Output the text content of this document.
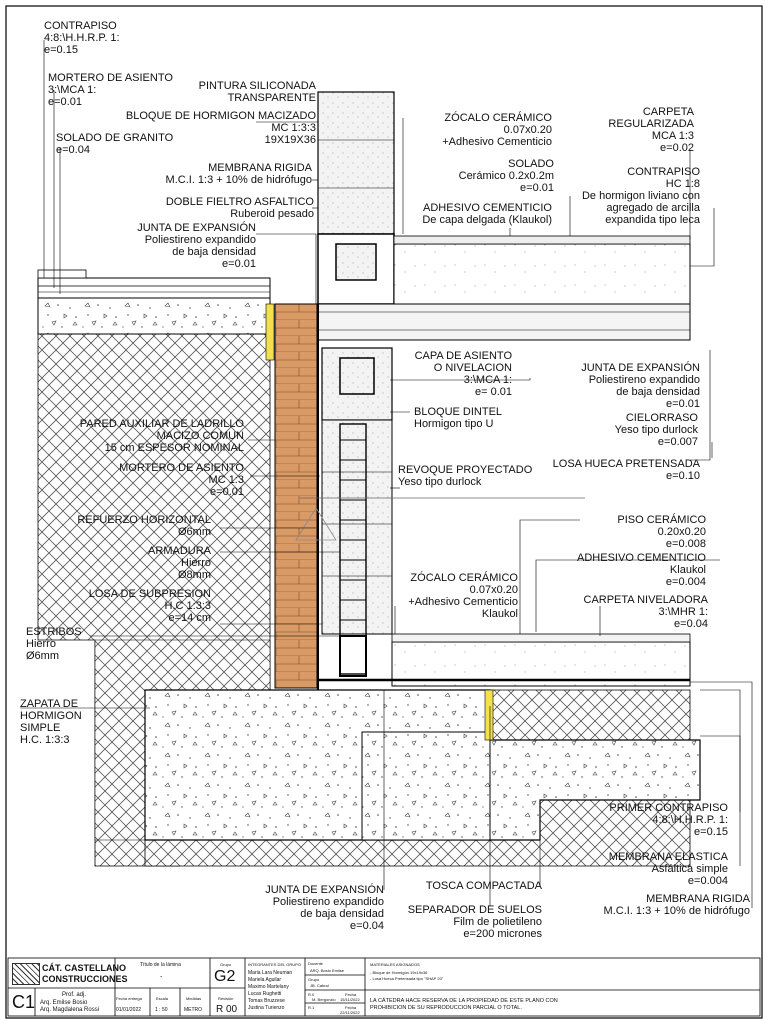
CONTRAPISO
4:8:\H.H.R.P. 1:
e=0.15
MORTERO DE ASIENTO
3:\MCA 1:
e=0.01
SOLADO DE GRANITO
e=0.04
PINTURA SILICONADA
TRANSPARENTE
BLOQUE DE HORMIGON MACIZADO
MC 1:3:3
19X19X36
MEMBRANA RIGIDA
M.C.I. 1:3 + 10% de hidrófugo
DOBLE FIELTRO ASFALTICO
Ruberoid pesado
JUNTA DE EXPANSIÓN
Poliestireno expandido
de baja densidad
e=0.01
ZÓCALO CERÁMICO
0.07x0.20
+Adhesivo Cementicio
CARPETA
REGULARIZADA
MCA 1:3
e=0.02
SOLADO
Cerámico 0.2x0.2m
e=0.01
CONTRAPISO
HC 1:8
De hormigon liviano con
agregado de arcilla
expandida tipo leca
ADHESIVO CEMENTICIO
De capa delgada (Klaukol)
CAPA DE ASIENTO
O NIVELACION
3:\MCA 1:
e= 0.01
JUNTA DE EXPANSIÓN
Poliestireno expandido
de baja densidad
e=0.01
CIELORRASO
Yeso tipo durlock
e=0.007
BLOQUE DINTEL
Hormigon tipo U
LOSA HUECA PRETENSADA
e=0.10
PARED AUXILIAR DE LADRILLO
MACIZO COMUN
15 cm ESPESOR NOMINAL
MORTERO DE ASIENTO
MC 1:3
e=0.01
REVOQUE PROYECTADO
Yeso tipo durlock
REFUERZO HORIZONTAL
Ø6mm
ARMADURA
Hierro
Ø8mm
LOSA DE SUBPRESION
H.C 1:3:3
e=14 cm
PISO CERÁMICO
0.20x0.20
e=0.008
ADHESIVO CEMENTICIO
Klaukol
e=0.004
ZÓCALO CERÁMICO
0.07x0.20
+Adhesivo Cementicio
Klaukol
CARPETA NIVELADORA
3:\MHR 1:
e=0.04
ESTRIBOS
Hierro
Ø6mm
ZAPATA DE
HORMIGON
SIMPLE
H.C. 1:3:3
PRIMER CONTRAPISO
4:8:\H.H.R.P. 1:
e=0.15
MEMBRANA ELASTICA
Asfáltica simple
e=0.004
MEMBRANA RIGIDA
M.C.I. 1:3 + 10% de hidrófugo
JUNTA DE EXPANSIÓN
Poliestireno expandido
de baja densidad
e=0.04
TOSCA COMPACTADA
SEPARADOR DE SUELOS
Film de polietileno
e=200 micrones
CÁT. CASTELLANO
CONSTRUCCIONES
C1	Prof. adj.
Arq. Emilse Bosio
Arq. Magdalena Rossi
Título de la lámina
-
Fecha entrega
01/01/2022
Escala
1 : 50
Medidas
METRO
Grupo
G2
Revisión
R 00
INTEGRANTES DEL GRUPO
Maria Lara Neuman
Mariela Aguilar
Maximo Martelany
Lucas Rughetti
Tomas Bruzzese
Justina Turienzo
Docente
ARQ. Bosio Emilse
Grupo
JB. Cabral
R.0
M. Bergonzio
Fecha
15/11/2022
R.1	Fecha
22/11/2022
MATERIALES ASIGNADOS
- Bloque de Hormigón 19x19x36
- Losa Hueca Pretensada tipo "SHAP 20"
LA CÁTEDRA HACE RESERVA DE LA PROPIEDAD DE ESTE PLANO CON
PROHIBICION DE SU REPRODUCCION PARCIAL O TOTAL.
